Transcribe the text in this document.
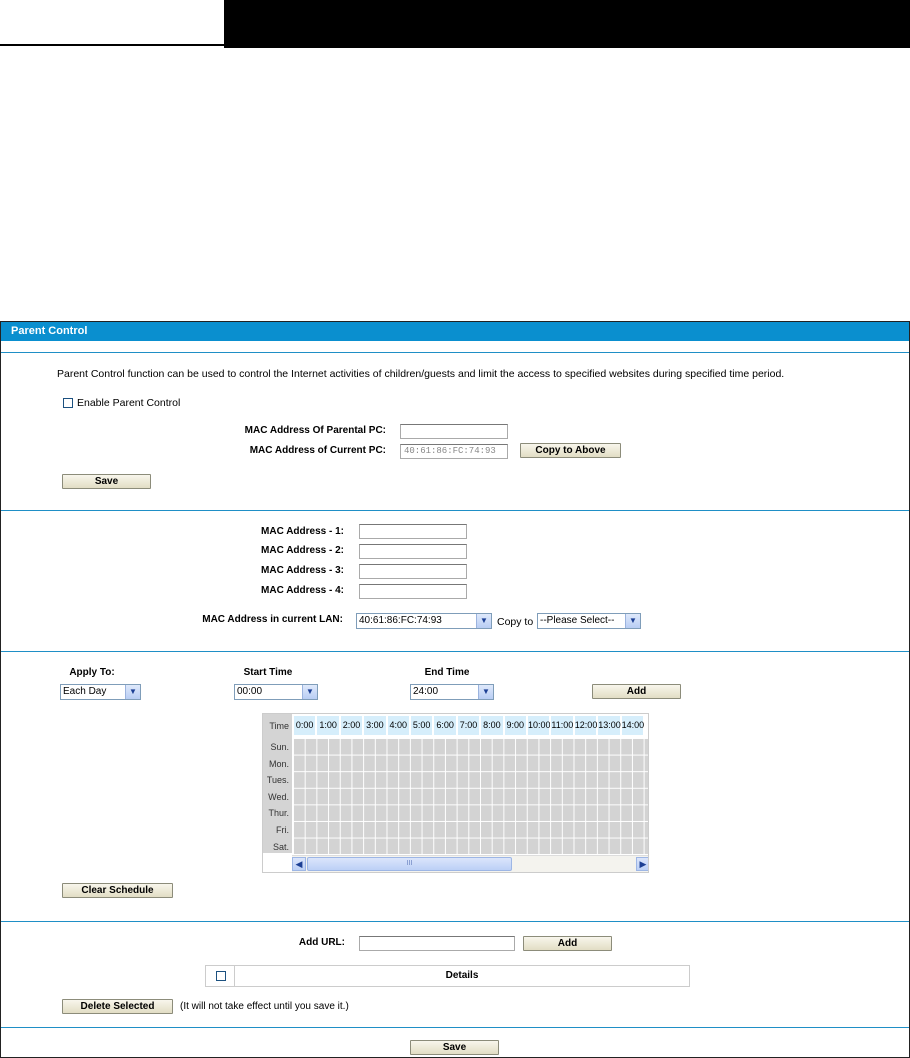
Parent Control
Parent Control function can be used to control the Internet activities of children/guests and limit the access to specified websites during specified time period.
Enable Parent Control
MAC Address Of Parental PC:
MAC Address of Current PC:	40:61:86:FC:74:93	Copy to Above
Save
MAC Address - 1:
MAC Address - 2:
MAC Address - 3:
MAC Address - 4:
MAC Address in current LAN:	40:61:86:FC:74:93	▼ Copy to --Please Select--	▼
Apply To:
Each Day	▼
Start Time
00:00	▼
End Time
24:00	▼	Add
Time 0:00 1:00 2:00 3:00 4:00 5:00 6:00 7:00 8:00 9:00 10:00 11:00 12:00 13:00 14:00
Sun.
Mon.
Tues.
Wed.
Thur.
Fri.
Sat.
◀	III	▶
Clear Schedule
Add URL:	Add
Details
Delete Selected	(It will not take effect until you save it.)
Save
